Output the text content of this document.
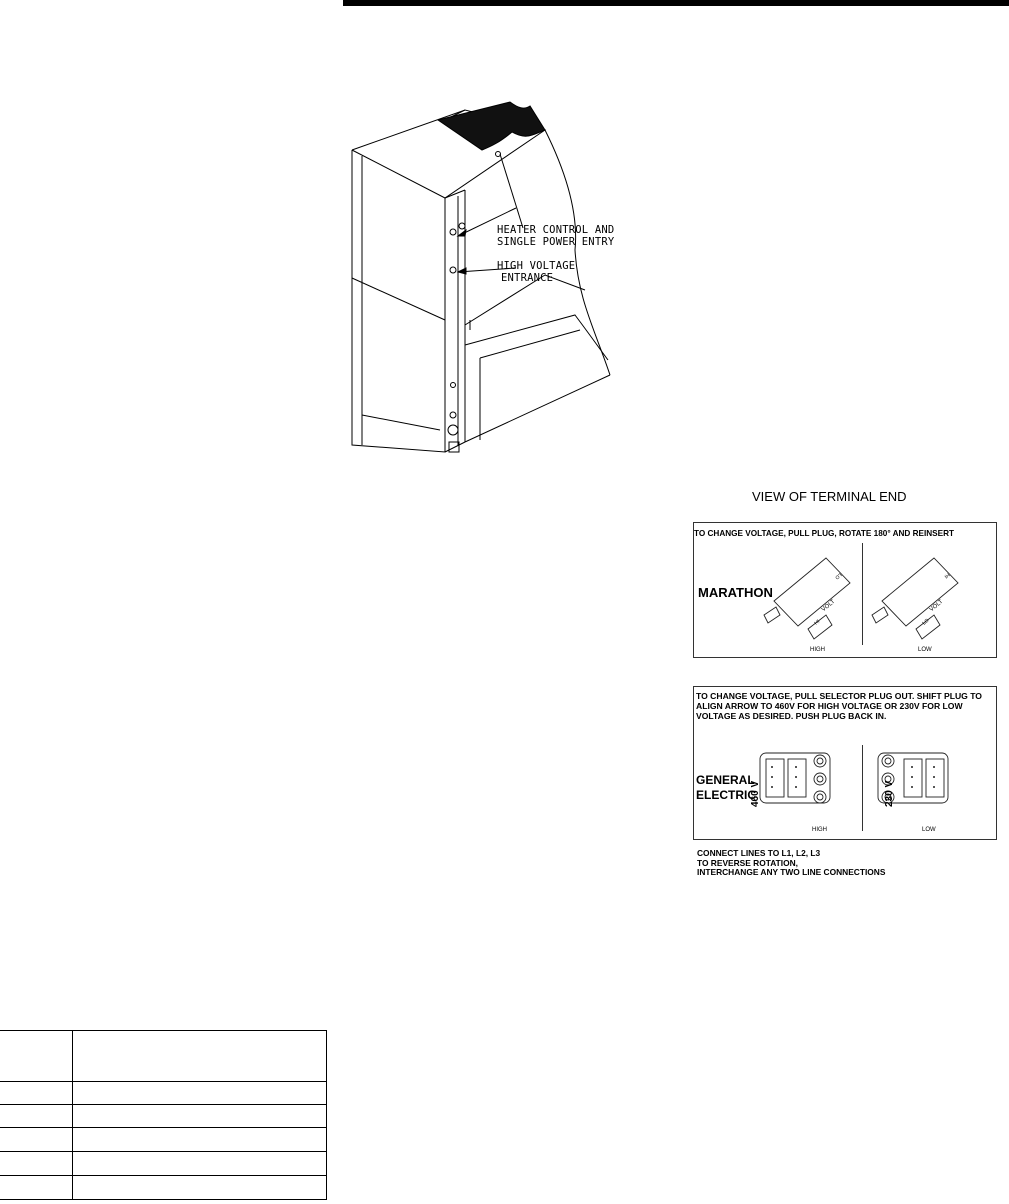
HEATER CONTROL AND
SINGLE POWER ENTRY
HIGH VOLTAGE
ENTRANCE
VIEW OF TERMINAL END
TO CHANGE VOLTAGE, PULL PLUG, ROTATE 180° AND REINSERT
MARATHON
HI
LO
LO
HI
VOLT	VOLT
HIGH	LOW
TO CHANGE VOLTAGE, PULL SELECTOR PLUG OUT. SHIFT PLUG TO
ALIGN ARROW TO 460V FOR HIGH VOLTAGE OR 230V FOR LOW
VOLTAGE AS DESIRED. PUSH PLUG BACK IN.
GENERAL
ELECTRIC
460 V	230 V
HIGH	LOW
CONNECT LINES TO L1, L2, L3
TO REVERSE ROTATION,
INTERCHANGE ANY TWO LINE CONNECTIONS
